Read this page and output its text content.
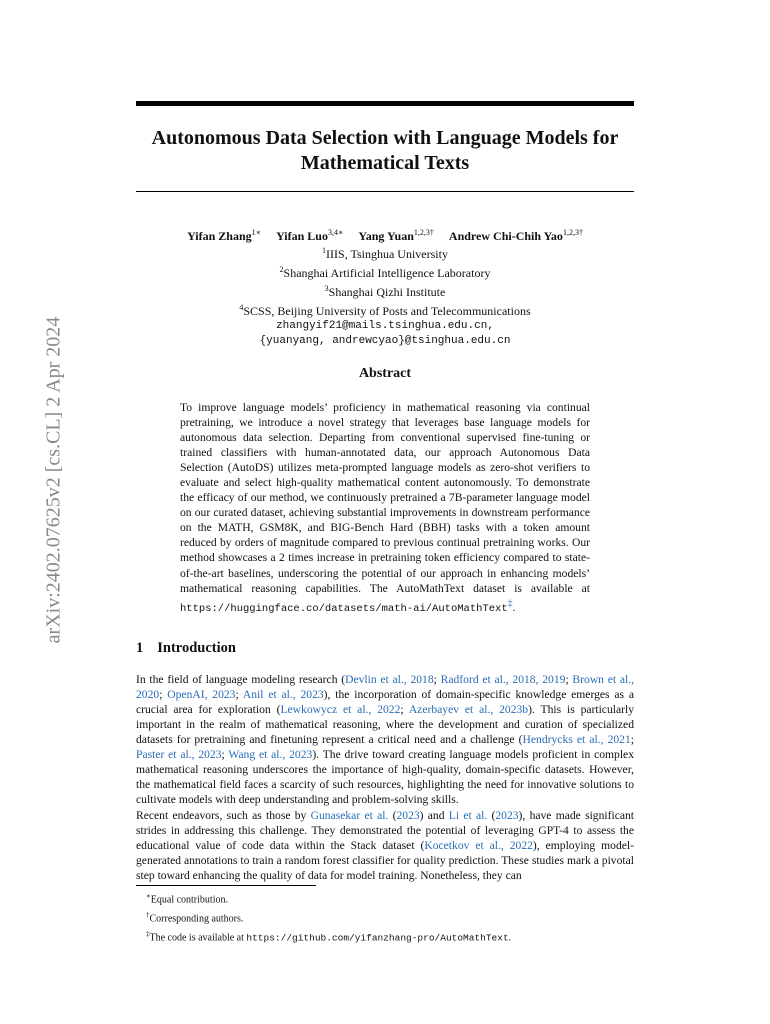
arXiv:2402.07625v2 [cs.CL] 2 Apr 2024
Autonomous Data Selection with Language Models for
Mathematical Texts
Yifan Zhang$^{1∗}$ Yifan Luo$^{3,4∗}$ Yang Yuan$^{1,2,3\dagger}$ Andrew Chi-Chih Yao$^{1,2,3\dagger}$
$^1$IIIS, Tsinghua University
$^2$Shanghai Artificial Intelligence Laboratory
$^3$Shanghai Qizhi Institute
$^4$SCSS, Beijing University of Posts and Telecommunications
zhangyif21@mails.tsinghua.edu.cn,
{yuanyang, andrewcyao}@tsinghua.edu.cn
Abstract

To improve language models’ proficiency in mathematical reasoning via continual pretraining, we introduce a novel strategy that leverages base language models for autonomous data selection. Departing from conventional supervised fine-tuning or trained classifiers with human-annotated data, our approach Autonomous Data Selection (AutoDS) utilizes meta-prompted language models as zero-shot verifiers to evaluate and select high-quality mathematical content autonomously. To demonstrate the efficacy of our method, we continuously pretrained a 7B-parameter language model on our curated dataset, achieving substantial improvements in downstream performance on the MATH, GSM8K, and BIG-Bench Hard (BBH) tasks with a token amount reduced by orders of magnitude compared to previous continual pretraining works. Our method showcases a 2 times increase in pretraining token efficiency compared to state-of-the-art baselines, underscoring the potential of our approach in enhancing models’ mathematical reasoning capabilities. The AutoMathText dataset is available at https://huggingface.co/datasets/math-ai/AutoMathText‡.

1 Introduction

In the field of language modeling research (Devlin et al., 2018; Radford et al., 2018, 2019; Brown et al., 2020; OpenAI, 2023; Anil et al., 2023), the incorporation of domain-specific knowledge emerges as a crucial area for exploration (Lewkowycz et al., 2022; Azerbayev et al., 2023b). This is particularly important in the realm of mathematical reasoning, where the development and curation of specialized datasets for pretraining and finetuning represent a critical need and a challenge (Hendrycks et al., 2021; Paster et al., 2023; Wang et al., 2023). The drive toward creating language models proficient in complex mathematical reasoning underscores the importance of high-quality, domain-specific datasets. However, the mathematical field faces a scarcity of such resources, highlighting the need for innovative solutions to cultivate models with deep understanding and problem-solving skills.

Recent endeavors, such as those by Gunasekar et al. (2023) and Li et al. (2023), have made significant strides in addressing this challenge. They demonstrated the potential of leveraging GPT-4 to assess the educational value of code data within the Stack dataset (Kocetkov et al., 2022), employing model-generated annotations to train a random forest classifier for quality prediction. These studies mark a pivotal step toward enhancing the quality of data for model training. Nonetheless, they can

∗Equal contribution.
†Corresponding authors.
‡The code is available at https://github.com/yifanzhang-pro/AutoMathText.
